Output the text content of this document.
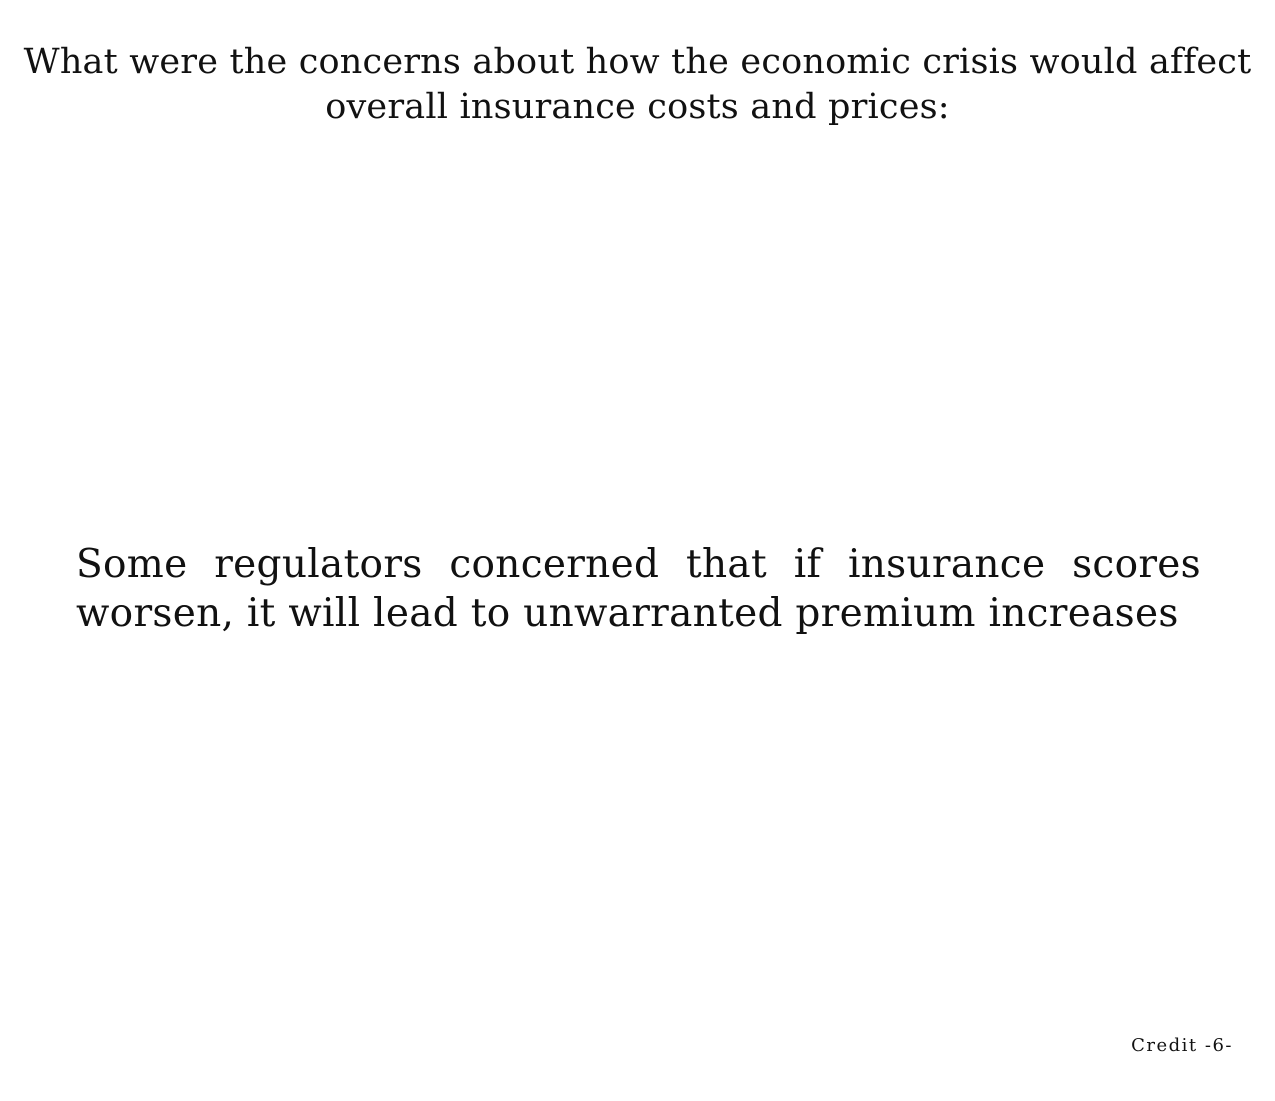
What were the concerns about how the economic crisis would affect overall insurance costs and prices:

Some regulators concerned that if insurance scores worsen, it will lead to unwarranted premium increases

Credit -6-
